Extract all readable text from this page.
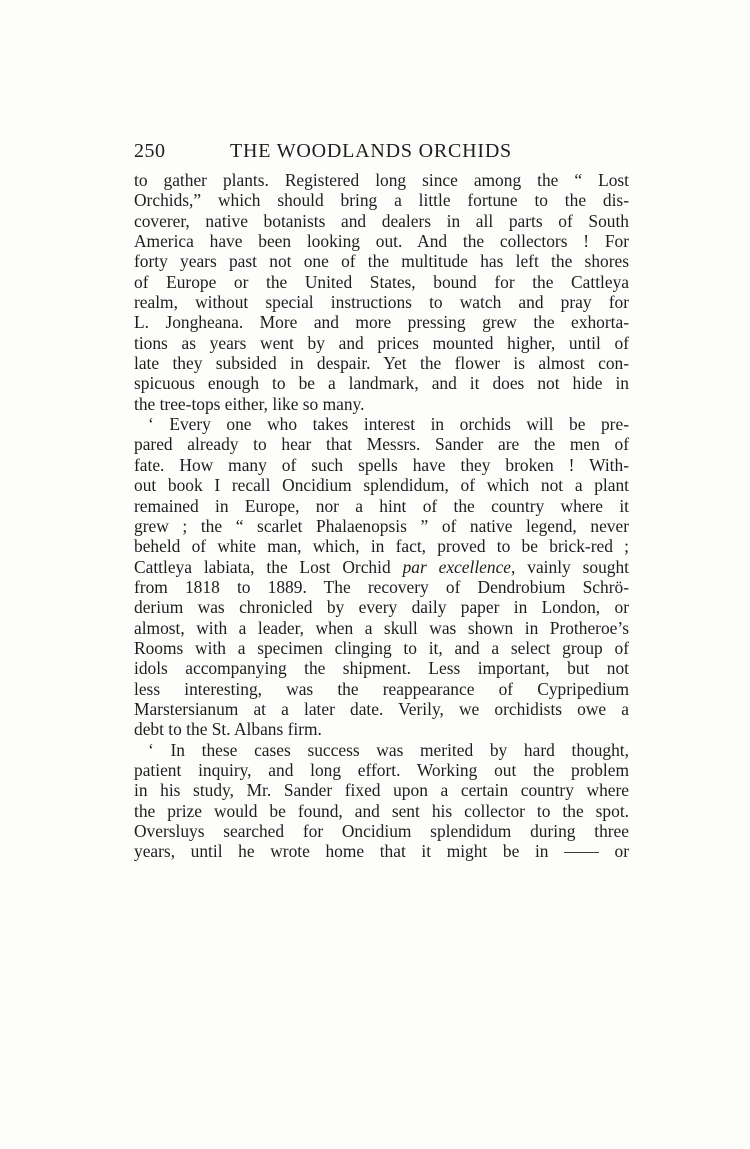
250	THE WOODLANDS ORCHIDS
to gather plants. Registered long since among the “ Lost
Orchids,” which should bring a little fortune to the dis-
coverer, native botanists and dealers in all parts of South
America have been looking out. And the collectors ! For
forty years past not one of the multitude has left the shores
of Europe or the United States, bound for the Cattleya
realm, without special instructions to watch and pray for
L. Jongheana. More and more pressing grew the exhorta-
tions as years went by and prices mounted higher, until of
late they subsided in despair. Yet the flower is almost con-
spicuous enough to be a landmark, and it does not hide in
the tree-tops either, like so many.
‘ Every one who takes interest in orchids will be pre-
pared already to hear that Messrs. Sander are the men of
fate. How many of such spells have they broken ! With-
out book I recall Oncidium splendidum, of which not a plant
remained in Europe, nor a hint of the country where it
grew ; the “ scarlet Phalaenopsis ” of native legend, never
beheld of white man, which, in fact, proved to be brick-red ;
Cattleya labiata, the Lost Orchid par excellence, vainly sought
from 1818 to 1889. The recovery of Dendrobium Schrö-
derium was chronicled by every daily paper in London, or
almost, with a leader, when a skull was shown in Protheroe’s
Rooms with a specimen clinging to it, and a select group of
idols accompanying the shipment. Less important, but not
less interesting, was the reappearance of Cypripedium
Marstersianum at a later date. Verily, we orchidists owe a
debt to the St. Albans firm.
‘ In these cases success was merited by hard thought,
patient inquiry, and long effort. Working out the problem
in his study, Mr. Sander fixed upon a certain country where
the prize would be found, and sent his collector to the spot.
Oversluys searched for Oncidium splendidum during three
years, until he wrote home that it might be in —— or
